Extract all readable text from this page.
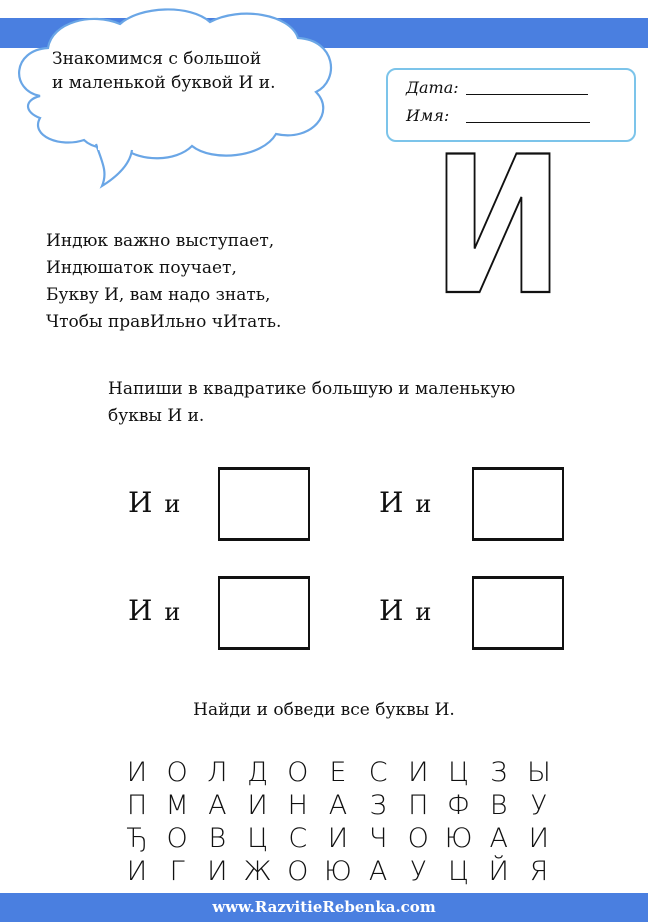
Знакомимся с большой
и маленькой буквой И и.	Дата:
Имя:
И
Индюк важно выступает,
Индюшаток поучает,
Букву И, вам надо знать,
Чтобы правИльно чИтать.
Напиши в квадратике большую и маленькую
буквы И и.
И и	И и
И и	И и
Найди и обведи все буквы И.
И О Л Д О Е С И Ц З Ы
П М А И Н А З П Ф В У
Ђ О В Ц С И Ч О Ю А И
И Г И Ж О Ю А У Ц Й Я
www.RazvitieRebenka.com
